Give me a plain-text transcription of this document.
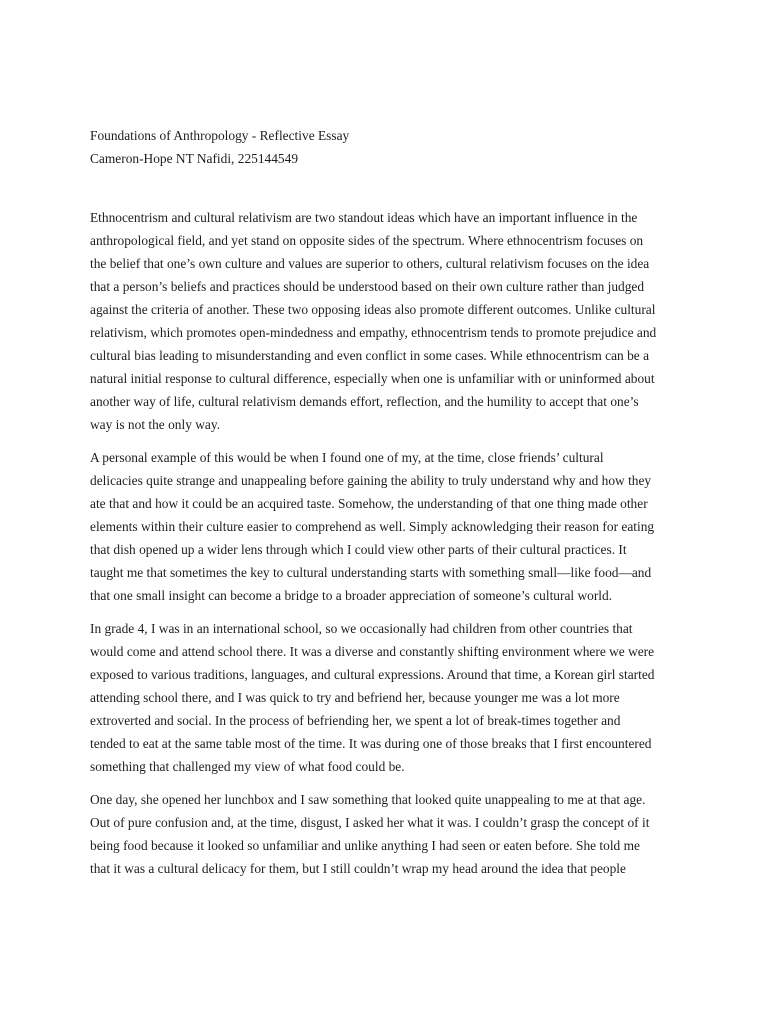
Foundations of Anthropology - Reflective Essay

Cameron-Hope NT Nafidi, 225144549

Ethnocentrism and cultural relativism are two standout ideas which have an important influence in the
anthropological field, and yet stand on opposite sides of the spectrum. Where ethnocentrism focuses on
the belief that one’s own culture and values are superior to others, cultural relativism focuses on the idea
that a person’s beliefs and practices should be understood based on their own culture rather than judged
against the criteria of another. These two opposing ideas also promote different outcomes. Unlike cultural
relativism, which promotes open-mindedness and empathy, ethnocentrism tends to promote prejudice and
cultural bias leading to misunderstanding and even conflict in some cases. While ethnocentrism can be a
natural initial response to cultural difference, especially when one is unfamiliar with or uninformed about
another way of life, cultural relativism demands effort, reflection, and the humility to accept that one’s
way is not the only way.

A personal example of this would be when I found one of my, at the time, close friends’ cultural
delicacies quite strange and unappealing before gaining the ability to truly understand why and how they
ate that and how it could be an acquired taste. Somehow, the understanding of that one thing made other
elements within their culture easier to comprehend as well. Simply acknowledging their reason for eating
that dish opened up a wider lens through which I could view other parts of their cultural practices. It
taught me that sometimes the key to cultural understanding starts with something small—like food—and
that one small insight can become a bridge to a broader appreciation of someone’s cultural world.

In grade 4, I was in an international school, so we occasionally had children from other countries that
would come and attend school there. It was a diverse and constantly shifting environment where we were
exposed to various traditions, languages, and cultural expressions. Around that time, a Korean girl started
attending school there, and I was quick to try and befriend her, because younger me was a lot more
extroverted and social. In the process of befriending her, we spent a lot of break-times together and
tended to eat at the same table most of the time. It was during one of those breaks that I first encountered
something that challenged my view of what food could be.

One day, she opened her lunchbox and I saw something that looked quite unappealing to me at that age.
Out of pure confusion and, at the time, disgust, I asked her what it was. I couldn’t grasp the concept of it
being food because it looked so unfamiliar and unlike anything I had seen or eaten before. She told me
that it was a cultural delicacy for them, but I still couldn’t wrap my head around the idea that people
